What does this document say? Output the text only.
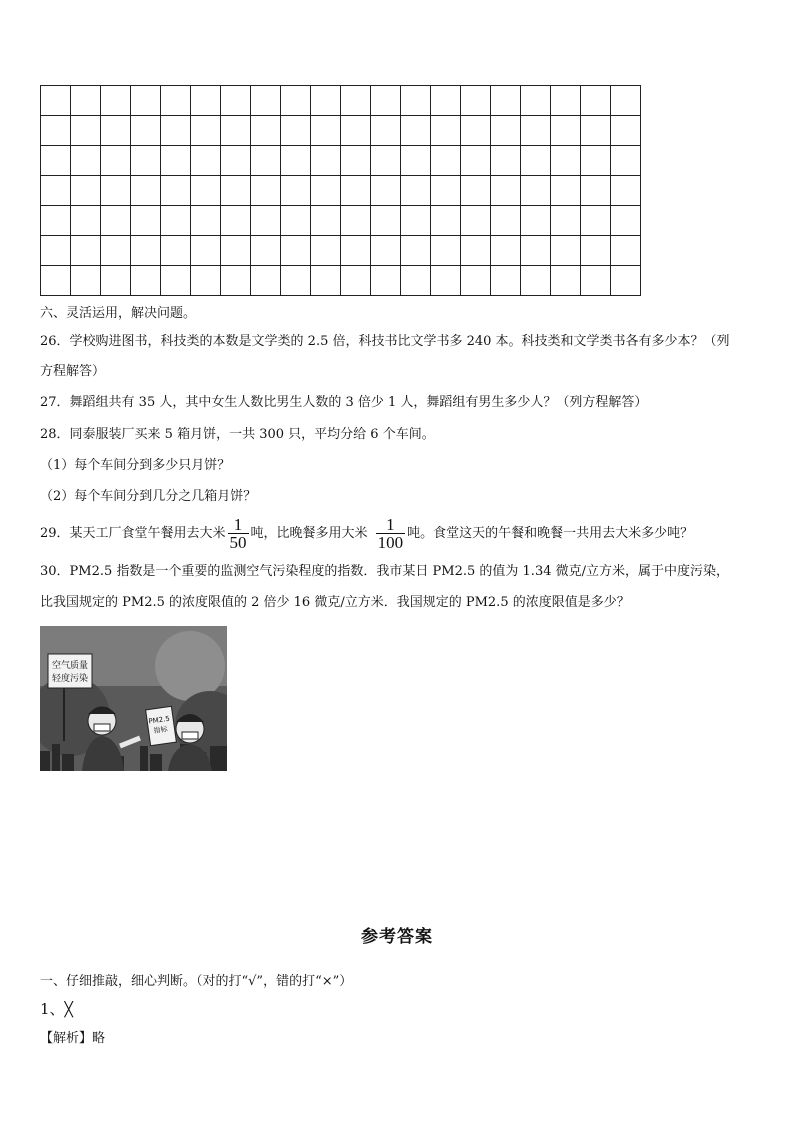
六、灵活运用，解决问题。
26．学校购进图书，科技类的本数是文学类的 2.5 倍，科技书比文学书多 240 本。科技类和文学类书各有多少本？（列
方程解答）
27．舞蹈组共有 35 人，其中女生人数比男生人数的 3 倍少 1 人，舞蹈组有男生多少人？（列方程解答）
28．同泰服装厂买来 5 箱月饼，一共 300 只，平均分给 6 个车间。
（1）每个车间分到多少只月饼？
（2）每个车间分到几分之几箱月饼？
29．某天工厂食堂午餐用去大米 $\frac{1}{50}$ 吨，比晚餐多用大米 $\frac{1}{100}$ 吨。食堂这天的午餐和晚餐一共用去大米多少吨？
30．PM2.5 指数是一个重要的监测空气污染程度的指数．我市某日 PM2.5 的值为 1.34 微克/立方米，属于中度污染，
比我国规定的 PM2.5 的浓度限值的 2 倍少 16 微克/立方米．我国规定的 PM2.5 的浓度限值是多少？
空气质量
轻度污染
PM2.5
指标
参考答案
一、仔细推敲，细心判断。（对的打“√”，错的打“×”）
1、╳
【解析】略
